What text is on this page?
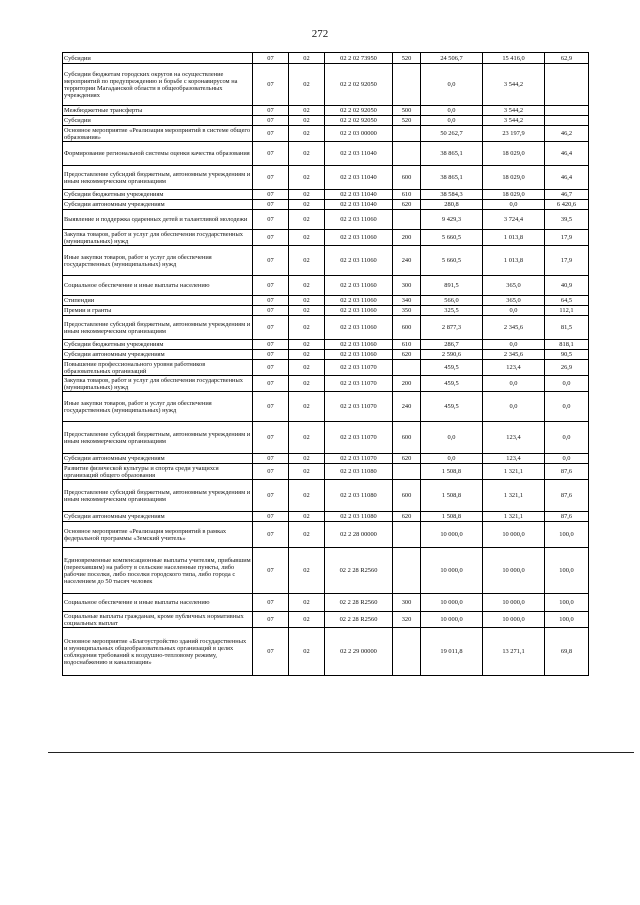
272
Субсидии	07	02	02 2 02 73950	520	24 506,7	15 416,0	62,9
Субсидии бюджетам городских округов на осуществление мероприятий по предупреждению и борьбе с коронавирусом на территории Магаданской области в общеобразовательных учреждениях	07	02	02 2 02 92050		0,0	3 544,2	
Межбюджетные трансферты	07	02	02 2 02 92050	500	0,0	3 544,2	
Субсидии	07	02	02 2 02 92050	520	0,0	3 544,2	
Основное мероприятие «Реализация мероприятий в системе общего образования»	07	02	02 2 03 00000		50 262,7	23 197,9	46,2
Формирование региональной системы оценки качества образования	07	02	02 2 03 11040		38 865,1	18 029,0	46,4
Предоставление субсидий бюджетным, автономным учреждениям и иным некоммерческим организациям	07	02	02 2 03 11040	600	38 865,1	18 029,0	46,4
Субсидии бюджетным учреждениям	07	02	02 2 03 11040	610	38 584,3	18 029,0	46,7
Субсидии автономным учреждениям	07	02	02 2 03 11040	620	280,8	0,0	6 420,6
Выявление и поддержка одаренных детей и талантливой молодежи	07	02	02 2 03 11060		9 429,3	3 724,4	39,5
Закупка товаров, работ и услуг для обеспечения государственных (муниципальных) нужд	07	02	02 2 03 11060	200	5 660,5	1 013,8	17,9
Иные закупки товаров, работ и услуг для обеспечения государственных (муниципальных) нужд	07	02	02 2 03 11060	240	5 660,5	1 013,8	17,9
Социальное обеспечение и иные выплаты населению	07	02	02 2 03 11060	300	891,5	365,0	40,9
Стипендии	07	02	02 2 03 11060	340	566,0	365,0	64,5
Премии и гранты	07	02	02 2 03 11060	350	325,5	0,0	112,1
Предоставление субсидий бюджетным, автономным учреждениям и иным некоммерческим организациям	07	02	02 2 03 11060	600	2 877,3	2 345,6	81,5
Субсидии бюджетным учреждениям	07	02	02 2 03 11060	610	286,7	0,0	818,1
Субсидии автономным учреждениям	07	02	02 2 03 11060	620	2 590,6	2 345,6	90,5
Повышение профессионального уровня работников образовательных организаций	07	02	02 2 03 11070		459,5	123,4	26,9
Закупка товаров, работ и услуг для обеспечения государственных (муниципальных) нужд	07	02	02 2 03 11070	200	459,5	0,0	0,0
Иные закупки товаров, работ и услуг для обеспечения государственных (муниципальных) нужд	07	02	02 2 03 11070	240	459,5	0,0	0,0
Предоставление субсидий бюджетным, автономным учреждениям и иным некоммерческим организациям	07	02	02 2 03 11070	600	0,0	123,4	0,0
Субсидии автономным учреждениям	07	02	02 2 03 11070	620	0,0	123,4	0,0
Развитие физической культуры и спорта среди учащихся организаций общего образования	07	02	02 2 03 11080		1 508,8	1 321,1	87,6
Предоставление субсидий бюджетным, автономным учреждениям и иным некоммерческим организациям	07	02	02 2 03 11080	600	1 508,8	1 321,1	87,6
Субсидии автономным учреждениям	07	02	02 2 03 11080	620	1 508,8	1 321,1	87,6
Основное мероприятие «Реализация мероприятий в рамках федеральной программы «Земский учитель»	07	02	02 2 28 00000		10 000,0	10 000,0	100,0
Единовременные компенсационные выплаты учителям, прибывшим (переехавшим) на работу в сельские населенные пункты, либо рабочие поселки, либо поселки городского типа, либо города с населением до 50 тысяч человек	07	02	02 2 28 R2560		10 000,0	10 000,0	100,0
Социальное обеспечение и иные выплаты населению	07	02	02 2 28 R2560	300	10 000,0	10 000,0	100,0
Социальные выплаты гражданам, кроме публичных нормативных социальных выплат	07	02	02 2 28 R2560	320	10 000,0	10 000,0	100,0
Основное мероприятие «Благоустройство зданий государственных и муниципальных общеобразовательных организаций в целях соблюдения требований к воздушно-тепловому режиму, водоснабжению и канализации»	07	02	02 2 29 00000		19 011,8	13 271,1	69,8
